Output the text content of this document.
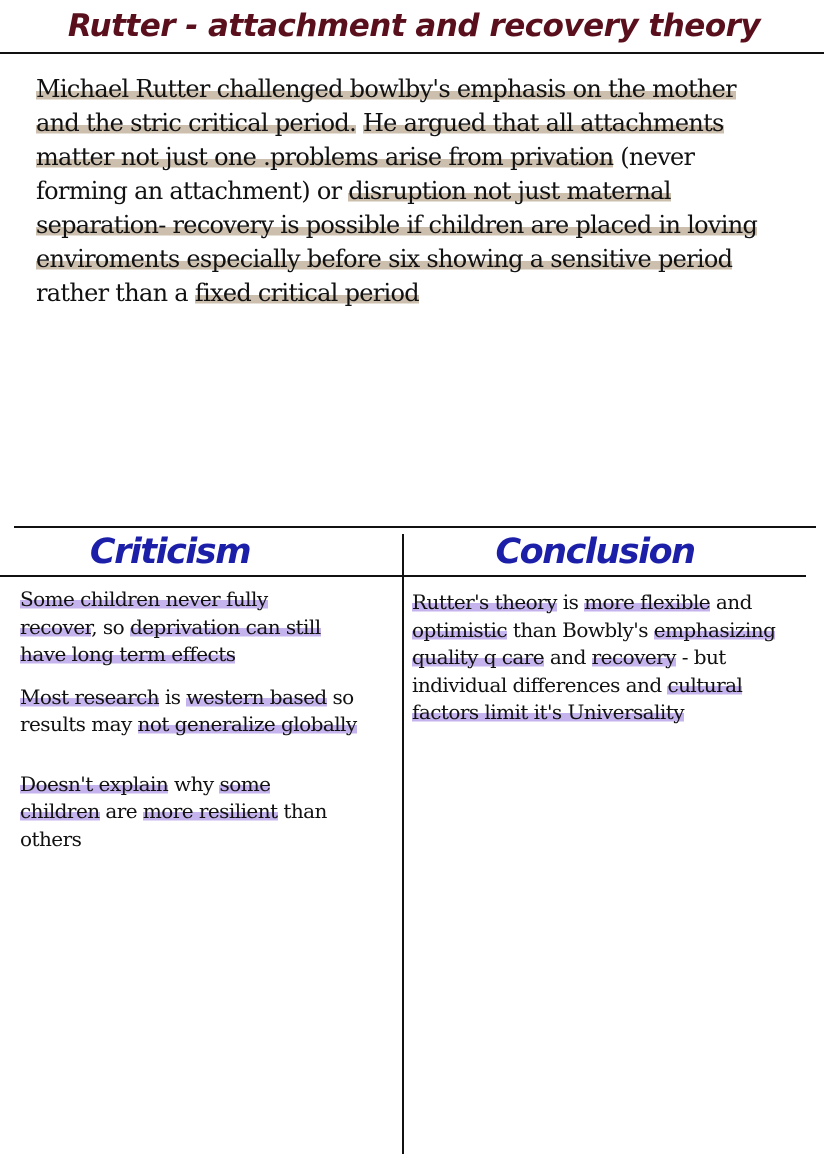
Rutter - attachment and recovery theory

Michael Rutter challenged bowlby's emphasis on the mother and the stric critical period. He argued that all attachments matter not just one .problems arise from privation (never forming an attachment) or disruption not just maternal separation- recovery is possible if children are placed in loving enviroments especially before six showing a sensitive period rather than a fixed critical period

Criticism	Conclusion

Some children never fully recover, so deprivation can still have long term effects

Most research is western based so results may not generalize globally

Doesn't explain why some children are more resilient than others

Rutter's theory is more flexible and optimistic than Bowbly's emphasizing quality q care and recovery - but individual differences and cultural factors limit it's Universality
